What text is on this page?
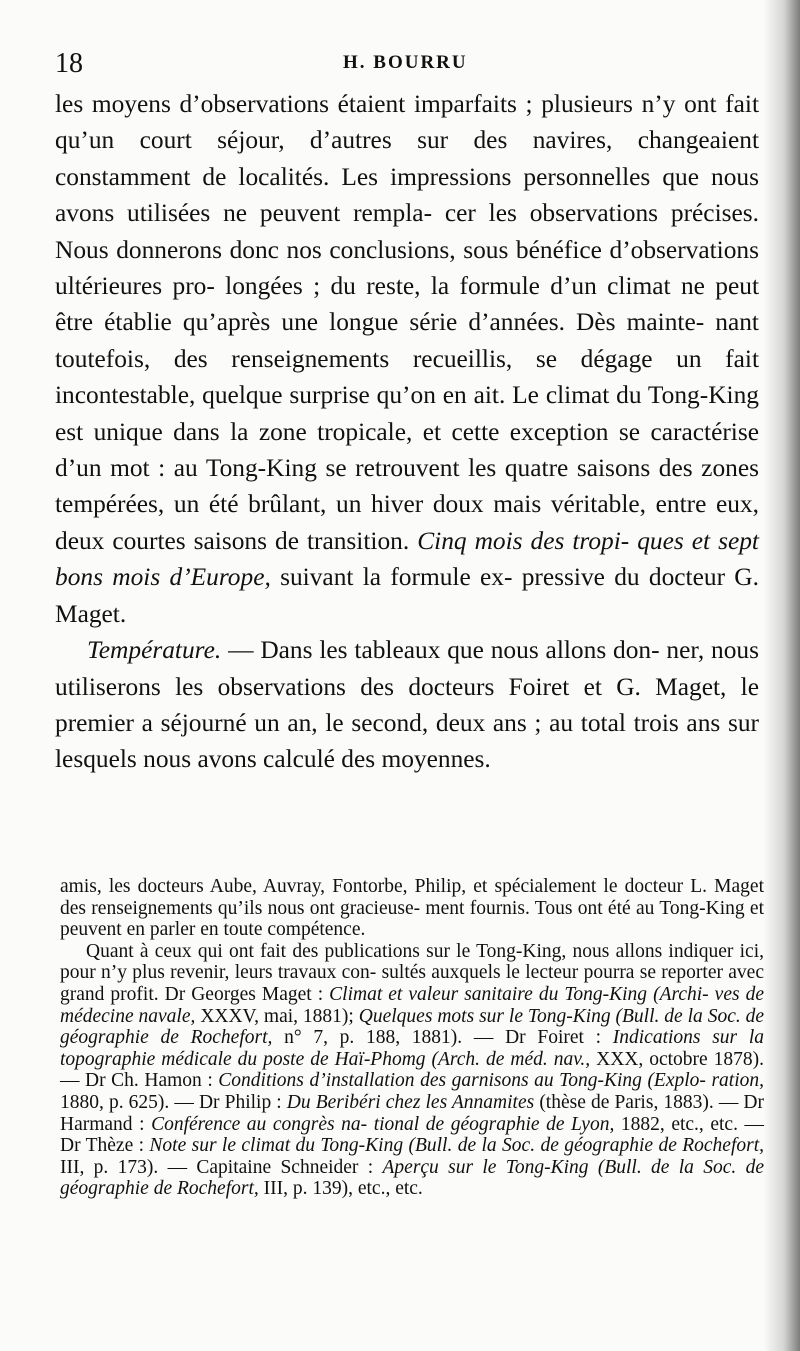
18	H. BOURRU

les moyens d’observations étaient imparfaits ; plusieurs n’y ont fait qu’un court séjour, d’autres sur des navires, changeaient constamment de localités. Les impressions personnelles que nous avons utilisées ne peuvent rempla- cer les observations précises. Nous donnerons donc nos conclusions, sous bénéfice d’observations ultérieures pro- longées ; du reste, la formule d’un climat ne peut être établie qu’après une longue série d’années. Dès mainte- nant toutefois, des renseignements recueillis, se dégage un fait incontestable, quelque surprise qu’on en ait. Le climat du Tong-King est unique dans la zone tropicale, et cette exception se caractérise d’un mot : au Tong-King se retrouvent les quatre saisons des zones tempérées, un été brûlant, un hiver doux mais véritable, entre eux, deux courtes saisons de transition. Cinq mois des tropi- ques et sept bons mois d’Europe, suivant la formule ex- pressive du docteur G. Maget.

Température. — Dans les tableaux que nous allons don- ner, nous utiliserons les observations des docteurs Foiret et G. Maget, le premier a séjourné un an, le second, deux ans ; au total trois ans sur lesquels nous avons calculé des moyennes.

amis, les docteurs Aube, Auvray, Fontorbe, Philip, et spécialement le docteur L. Maget des renseignements qu’ils nous ont gracieuse- ment fournis. Tous ont été au Tong-King et peuvent en parler en toute compétence.

Quant à ceux qui ont fait des publications sur le Tong-King, nous allons indiquer ici, pour n’y plus revenir, leurs travaux con- sultés auxquels le lecteur pourra se reporter avec grand profit. Dr Georges Maget : Climat et valeur sanitaire du Tong-King (Archi- ves de médecine navale, XXXV, mai, 1881); Quelques mots sur le Tong-King (Bull. de la Soc. de géographie de Rochefort, n° 7, p. 188, 1881). — Dr Foiret : Indications sur la topographie médicale du poste de Haï-Phomg (Arch. de méd. nav., XXX, octobre 1878). — Dr Ch. Hamon : Conditions d’installation des garnisons au Tong-King (Explo- ration, 1880, p. 625). — Dr Philip : Du Beribéri chez les Annamites (thèse de Paris, 1883). — Dr Harmand : Conférence au congrès na- tional de géographie de Lyon, 1882, etc., etc. — Dr Thèze : Note sur le climat du Tong-King (Bull. de la Soc. de géographie de Rochefort, III, p. 173). — Capitaine Schneider : Aperçu sur le Tong-King (Bull. de la Soc. de géographie de Rochefort, III, p. 139), etc., etc.
